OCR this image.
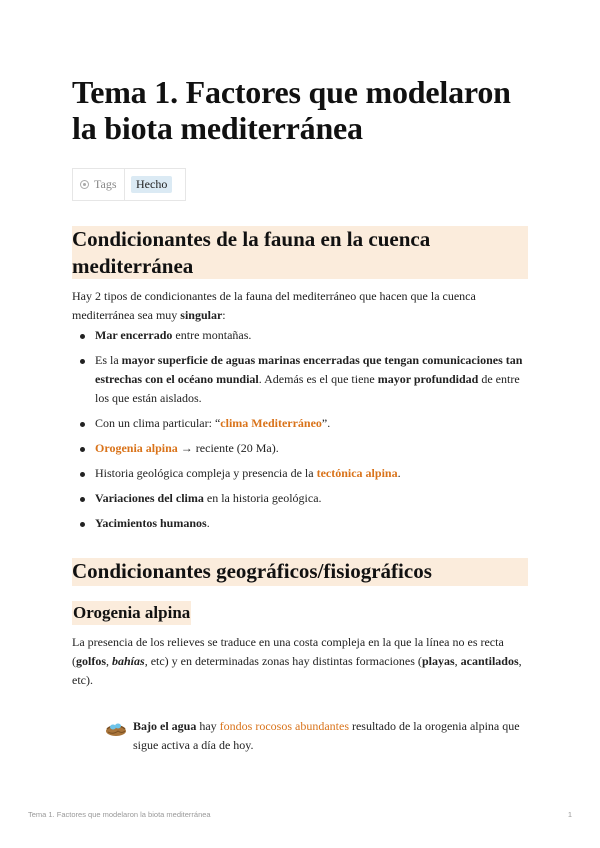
Tema 1. Factores que modelaron la biota mediterránea
Tags	Hecho
Condicionantes de la fauna en la cuenca mediterránea

Hay 2 tipos de condicionantes de la fauna del mediterráneo que hacen que la cuenca mediterránea sea muy singular:

Mar encerrado entre montañas.
Es la mayor superficie de aguas marinas encerradas que tengan comunicaciones tan estrechas con el océano mundial. Además es el que tiene mayor profundidad de entre los que están aislados.
Con un clima particular: “clima Mediterráneo”.
Orogenia alpina → reciente (20 Ma).
Historia geológica compleja y presencia de la tectónica alpina.
Variaciones del clima en la historia geológica.
Yacimientos humanos.
Condicionantes geográficos/fisiográficos
Orogenia alpina

La presencia de los relieves se traduce en una costa compleja en la que la línea no es recta (golfos, bahías, etc) y en determinadas zonas hay distintas formaciones (playas, acantilados, etc).

Bajo el agua hay fondos rocosos abundantes resultado de la orogenia alpina que sigue activa a día de hoy.
Tema 1. Factores que modelaron la biota mediterránea	1
